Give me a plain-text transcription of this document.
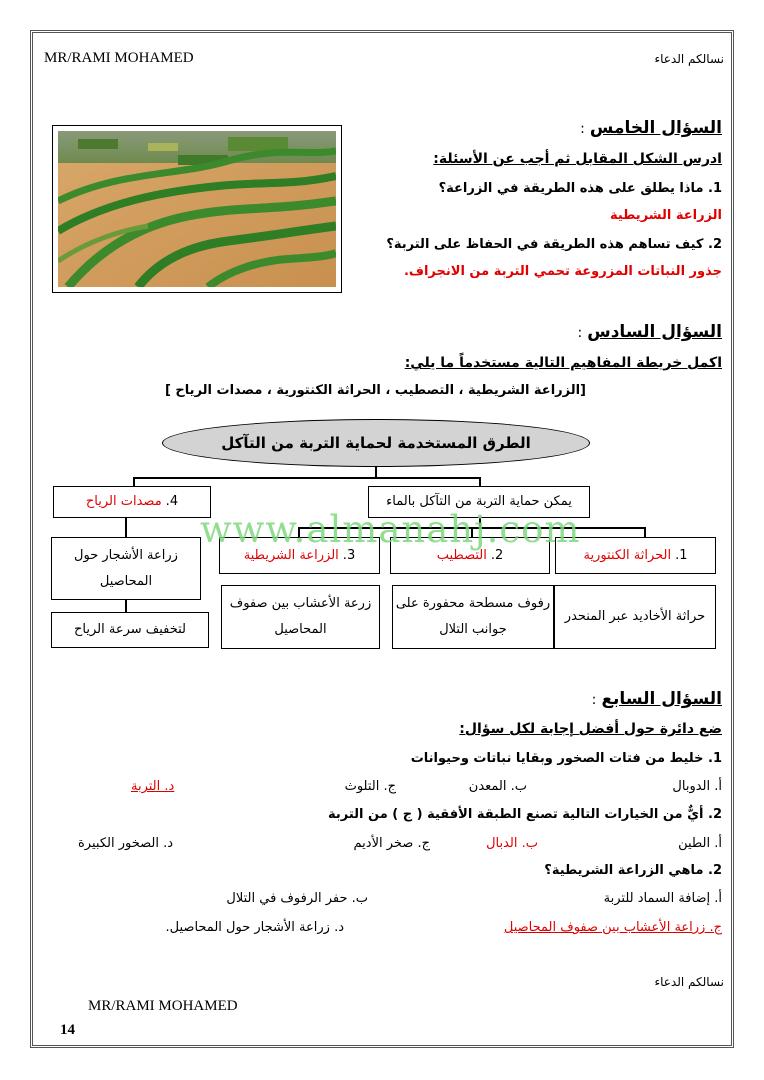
MR/RAMI MOHAMED	نسالكم الدعاء
السؤال الخامس :
ادرس الشكل المقابل ثم أجب عن الأسئلة:
1. ماذا يطلق على هذه الطريقة في الزراعة؟
الزراعة الشريطية
2. كيف تساهم هذه الطريقة في الحفاظ على التربة؟
جذور النباتات المزروعة تحمي التربة من الانجراف.
السؤال السادس :
اكمل خريطة المفاهيم التالية مستخدماً ما يلي:
[الزراعة الشريطية ، التصطيب ، الحراثة الكنتورية ، مصدات الرياح ]
الطرق المستخدمة لحماية التربة من التآكل
4.
مصدات الرياح	يمكن حماية التربة من التآكل بالماء
زراعة الأشجار حول المحاصيل
3.
الزراعة الشريطية	2.
التصطيب	1.
الحراثة الكنتورية
لتخفيف سرعة الرياح
زرعة الأعشاب بين صفوف المحاصيل
رفوف مسطحة محفورة على جوانب التلال
حراثة الأخاديد عبر المنحدر
www.almanahj.com
السؤال السابع :
ضع دائرة حول أفضل إجابة لكل سؤال:
1. خليط من فتات الصخور وبقايا نباتات وحيوانات
أ. الدوبال
ب. المعدن
ج. التلوث
د. التربة
2. أيٌّ من الخيارات التالية تصنع الطبقة الأفقية ( ج ) من التربة
أ. الطين
ب. الدبال
ج. صخر الأديم
د. الصخور الكبيرة
2. ماهي الزراعة الشريطية؟
أ. إضافة السماد للتربة
ب. حفر الرفوف في التلال
ج. زراعة الأعشاب بين صفوف المحاصيل
د. زراعة الأشجار حول المحاصيل.
نسالكم الدعاء
MR/RAMI MOHAMED
14
